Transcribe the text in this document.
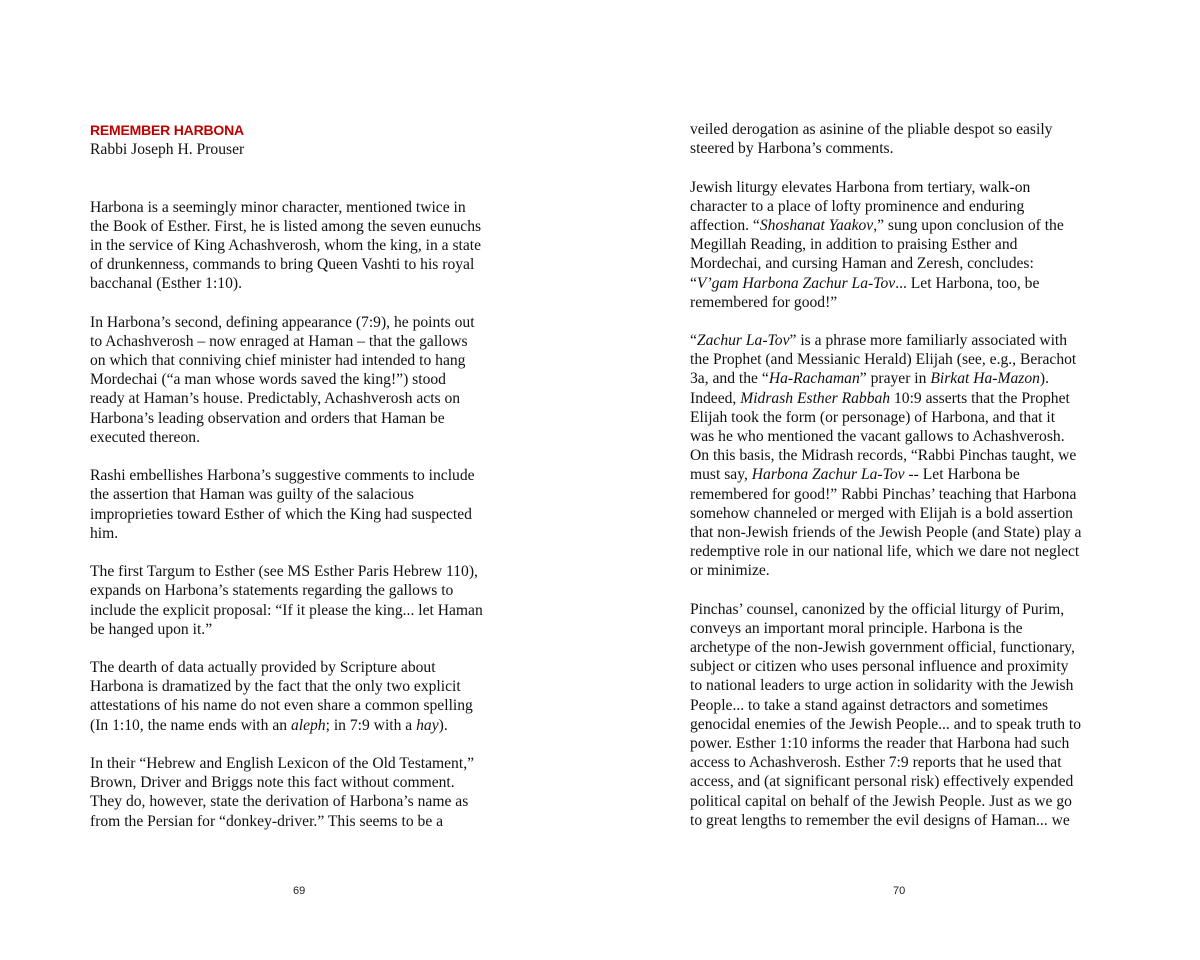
REMEMBER HARBONA
Rabbi Joseph H. Prouser
Harbona is a seemingly minor character, mentioned twice in
the Book of Esther. First, he is listed among the seven eunuchs
in the service of King Achashverosh, whom the king, in a state
of drunkenness, commands to bring Queen Vashti to his royal
bacchanal (Esther 1:10).
In Harbona’s second, defining appearance (7:9), he points out
to Achashverosh – now enraged at Haman – that the gallows
on which that conniving chief minister had intended to hang
Mordechai (“a man whose words saved the king!”) stood
ready at Haman’s house. Predictably, Achashverosh acts on
Harbona’s leading observation and orders that Haman be
executed thereon.
Rashi embellishes Harbona’s suggestive comments to include
the assertion that Haman was guilty of the salacious
improprieties toward Esther of which the King had suspected
him.
The first Targum to Esther (see MS Esther Paris Hebrew 110),
expands on Harbona’s statements regarding the gallows to
include the explicit proposal: “If it please the king... let Haman
be hanged upon it.”
The dearth of data actually provided by Scripture about
Harbona is dramatized by the fact that the only two explicit
attestations of his name do not even share a common spelling
(In 1:10, the name ends with an aleph; in 7:9 with a hay).
In their “Hebrew and English Lexicon of the Old Testament,”
Brown, Driver and Briggs note this fact without comment.
They do, however, state the derivation of Harbona’s name as
from the Persian for “donkey-driver.” This seems to be a
veiled derogation as asinine of the pliable despot so easily
steered by Harbona’s comments.
Jewish liturgy elevates Harbona from tertiary, walk-on
character to a place of lofty prominence and enduring
affection. “Shoshanat Yaakov,” sung upon conclusion of the
Megillah Reading, in addition to praising Esther and
Mordechai, and cursing Haman and Zeresh, concludes:
“V’gam Harbona Zachur La-Tov... Let Harbona, too, be
remembered for good!”
“Zachur La-Tov” is a phrase more familiarly associated with
the Prophet (and Messianic Herald) Elijah (see, e.g., Berachot
3a, and the “Ha-Rachaman” prayer in Birkat Ha-Mazon).
Indeed, Midrash Esther Rabbah 10:9 asserts that the Prophet
Elijah took the form (or personage) of Harbona, and that it
was he who mentioned the vacant gallows to Achashverosh.
On this basis, the Midrash records, “Rabbi Pinchas taught, we
must say, Harbona Zachur La-Tov -- Let Harbona be
remembered for good!” Rabbi Pinchas’ teaching that Harbona
somehow channeled or merged with Elijah is a bold assertion
that non-Jewish friends of the Jewish People (and State) play a
redemptive role in our national life, which we dare not neglect
or minimize.
Pinchas’ counsel, canonized by the official liturgy of Purim,
conveys an important moral principle. Harbona is the
archetype of the non-Jewish government official, functionary,
subject or citizen who uses personal influence and proximity
to national leaders to urge action in solidarity with the Jewish
People... to take a stand against detractors and sometimes
genocidal enemies of the Jewish People... and to speak truth to
power. Esther 1:10 informs the reader that Harbona had such
access to Achashverosh. Esther 7:9 reports that he used that
access, and (at significant personal risk) effectively expended
political capital on behalf of the Jewish People. Just as we go
to great lengths to remember the evil designs of Haman... we
69	70
